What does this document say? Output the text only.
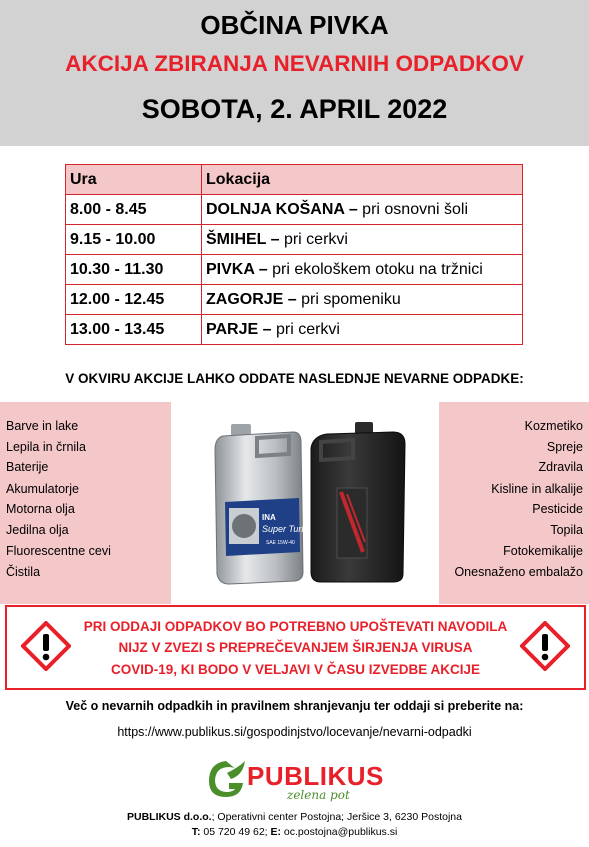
OBČINA PIVKA
AKCIJA ZBIRANJA NEVARNIH ODPADKOV
SOBOTA, 2. APRIL 2022
Ura	Lokacija
8.00 - 8.45	DOLNJA KOŠANA – pri osnovni šoli
9.15 - 10.00	ŠMIHEL – pri cerkvi
10.30 - 11.30	PIVKA – pri ekološkem otoku na tržnici
12.00 - 12.45	ZAGORJE – pri spomeniku
13.00 - 13.45	PARJE – pri cerkvi
V OKVIRU AKCIJE LAHKO ODDATE NASLEDNJE NEVARNE ODPADKE:
Barve in lake
Lepila in črnila
Baterije
Akumulatorje
Motorna olja
Jedilna olja
Fluorescentne cevi
Čistila
INA
Super Turbo
SAE 15W-40
Kozmetiko
Spreje
Zdravila
Kisline in alkalije
Pesticide
Topila
Fotokemikalije
Onesnaženo embalažo
PRI ODDAJI ODPADKOV BO POTREBNO UPOŠTEVATI NAVODILA
NIJZ V ZVEZI S PREPREČEVANJEM ŠIRJENJA VIRUSA
COVID-19, KI BODO V VELJAVI V ČASU IZVEDBE AKCIJE
Več o nevarnih odpadkih in pravilnem shranjevanju ter oddaji si preberite na:
https://www.publikus.si/gospodinjstvo/locevanje/nevarni-odpadki
PUBLIKUS
zelena pot
PUBLIKUS d.o.o.; Operativni center Postojna; Jeršice 3, 6230 Postojna
T: 05 720 49 62; E: oc.postojna@publikus.si
